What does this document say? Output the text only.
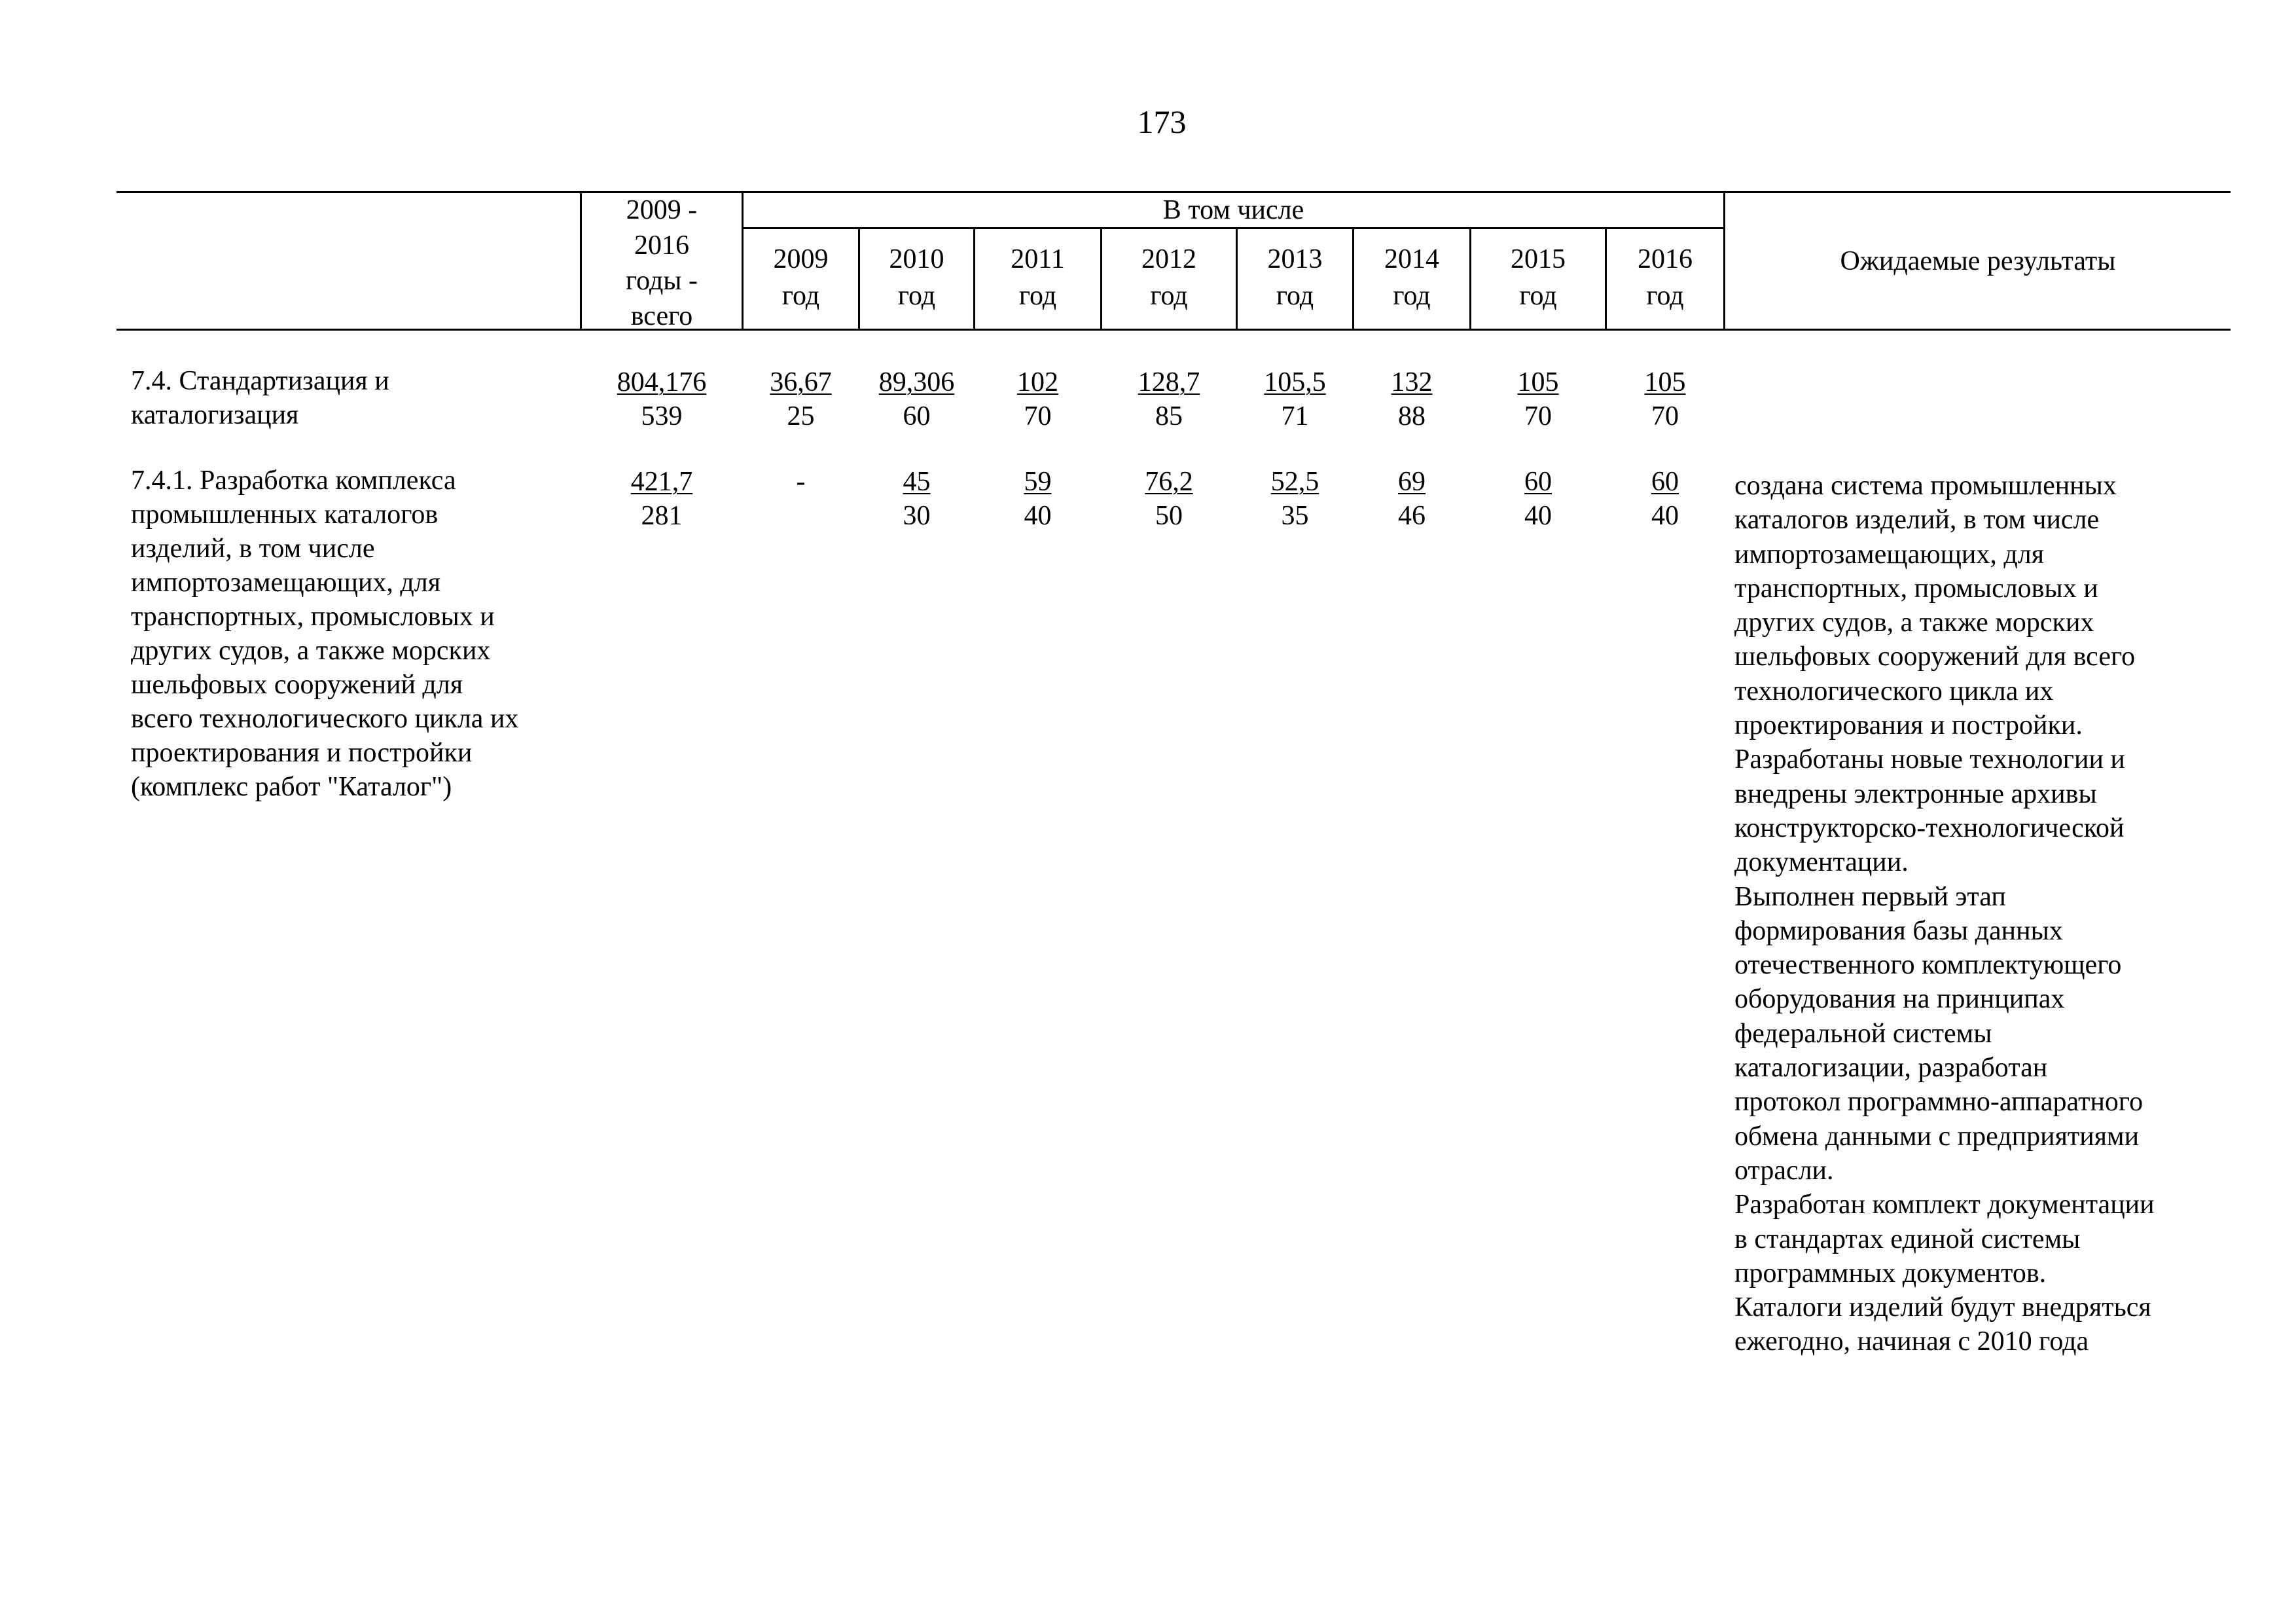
173
2009 -
2016
годы -
всего
В том числе
2009
год
2010
год
2011
год
2012
год
2013
год
2014
год
2015
год
2016
год
Ожидаемые результаты
7.4. Стандартизация и
каталогизация
804,176
539
36,67
25
89,306
60
102
70
128,7
85
105,5
71
132
88
105
70
105
70
7.4.1. Разработка комплекса
промышленных каталогов
изделий, в том числе
импортозамещающих, для
транспортных, промысловых и
других судов, а также морских
шельфовых сооружений для
всего технологического цикла их
проектирования и постройки
(комплекс работ "Каталог")
421,7
281
-	45
30
59
40
76,2
50
52,5
35
69
46
60
40
60
40
создана система промышленных
каталогов изделий, в том числе
импортозамещающих, для
транспортных, промысловых и
других судов, а также морских
шельфовых сооружений для всего
технологического цикла их
проектирования и постройки.
Разработаны новые технологии и
внедрены электронные архивы
конструкторско-технологической
документации.
Выполнен первый этап
формирования базы данных
отечественного комплектующего
оборудования на принципах
федеральной системы
каталогизации, разработан
протокол программно-аппаратного
обмена данными с предприятиями
отрасли.
Разработан комплект документации
в стандартах единой системы
программных документов.
Каталоги изделий будут внедряться
ежегодно, начиная с 2010 года
